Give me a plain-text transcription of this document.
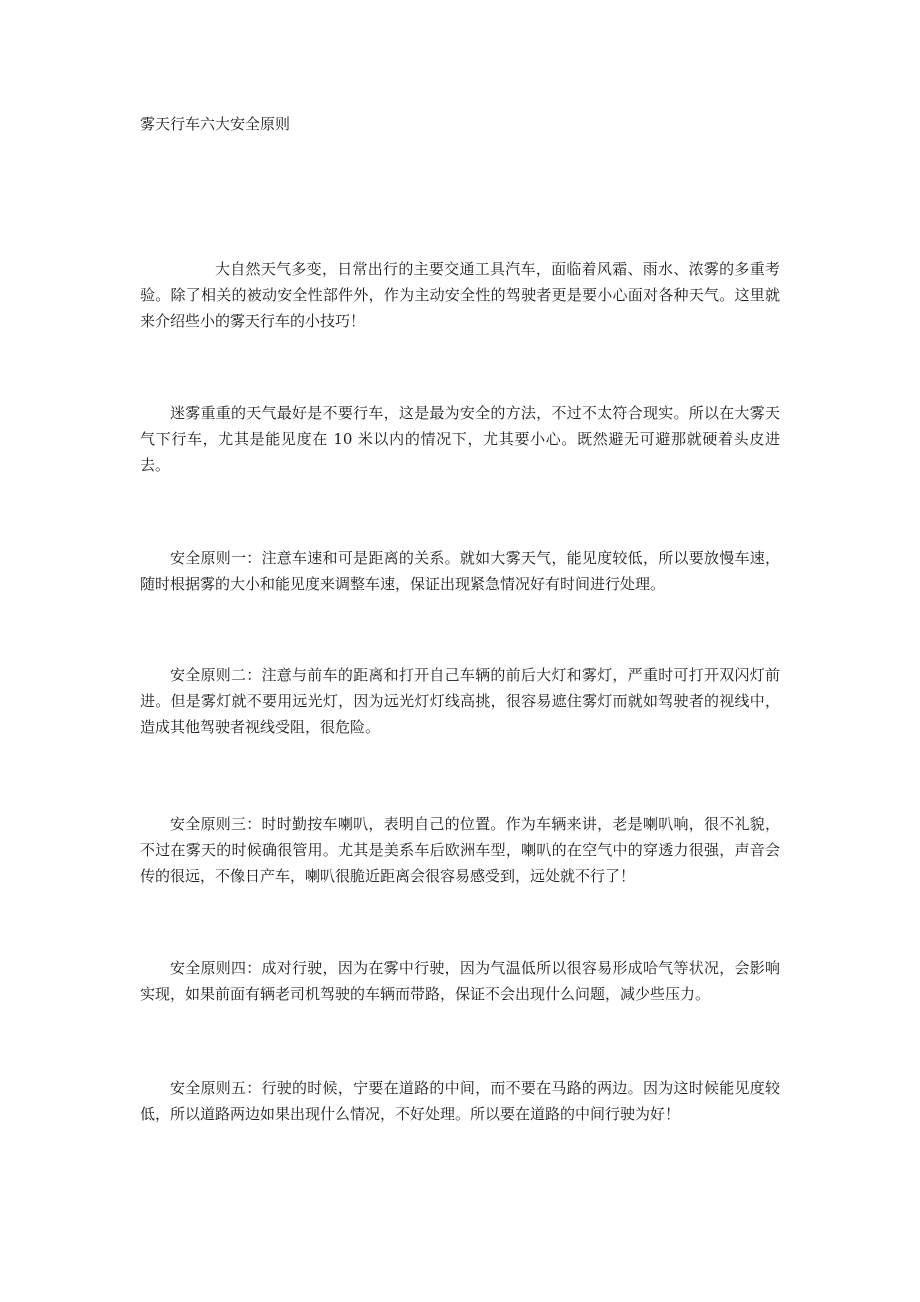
雾天行车六大安全原则

大自然天气多变，日常出行的主要交通工具汽车，面临着风霜、雨水、浓雾的多重考验。除了相关的被动安全性部件外，作为主动安全性的驾驶者更是要小心面对各种天气。这里就来介绍些小的雾天行车的小技巧！

迷雾重重的天气最好是不要行车，这是最为安全的方法，不过不太符合现实。所以在大雾天气下行车，尤其是能见度在 10 米以内的情况下，尤其要小心。既然避无可避那就硬着头皮进去。

安全原则一：注意车速和可是距离的关系。就如大雾天气，能见度较低，所以要放慢车速，随时根据雾的大小和能见度来调整车速，保证出现紧急情况好有时间进行处理。

安全原则二：注意与前车的距离和打开自己车辆的前后大灯和雾灯，严重时可打开双闪灯前进。但是雾灯就不要用远光灯，因为远光灯灯线高挑，很容易遮住雾灯而就如驾驶者的视线中，造成其他驾驶者视线受阻，很危险。

安全原则三：时时勤按车喇叭，表明自己的位置。作为车辆来讲，老是喇叭响，很不礼貌，不过在雾天的时候确很管用。尤其是美系车后欧洲车型，喇叭的在空气中的穿透力很强，声音会传的很远，不像日产车，喇叭很脆近距离会很容易感受到，远处就不行了！

安全原则四：成对行驶，因为在雾中行驶，因为气温低所以很容易形成哈气等状况，会影响实现，如果前面有辆老司机驾驶的车辆而带路，保证不会出现什么问题，减少些压力。

安全原则五：行驶的时候，宁要在道路的中间，而不要在马路的两边。因为这时候能见度较低，所以道路两边如果出现什么情况，不好处理。所以要在道路的中间行驶为好！
